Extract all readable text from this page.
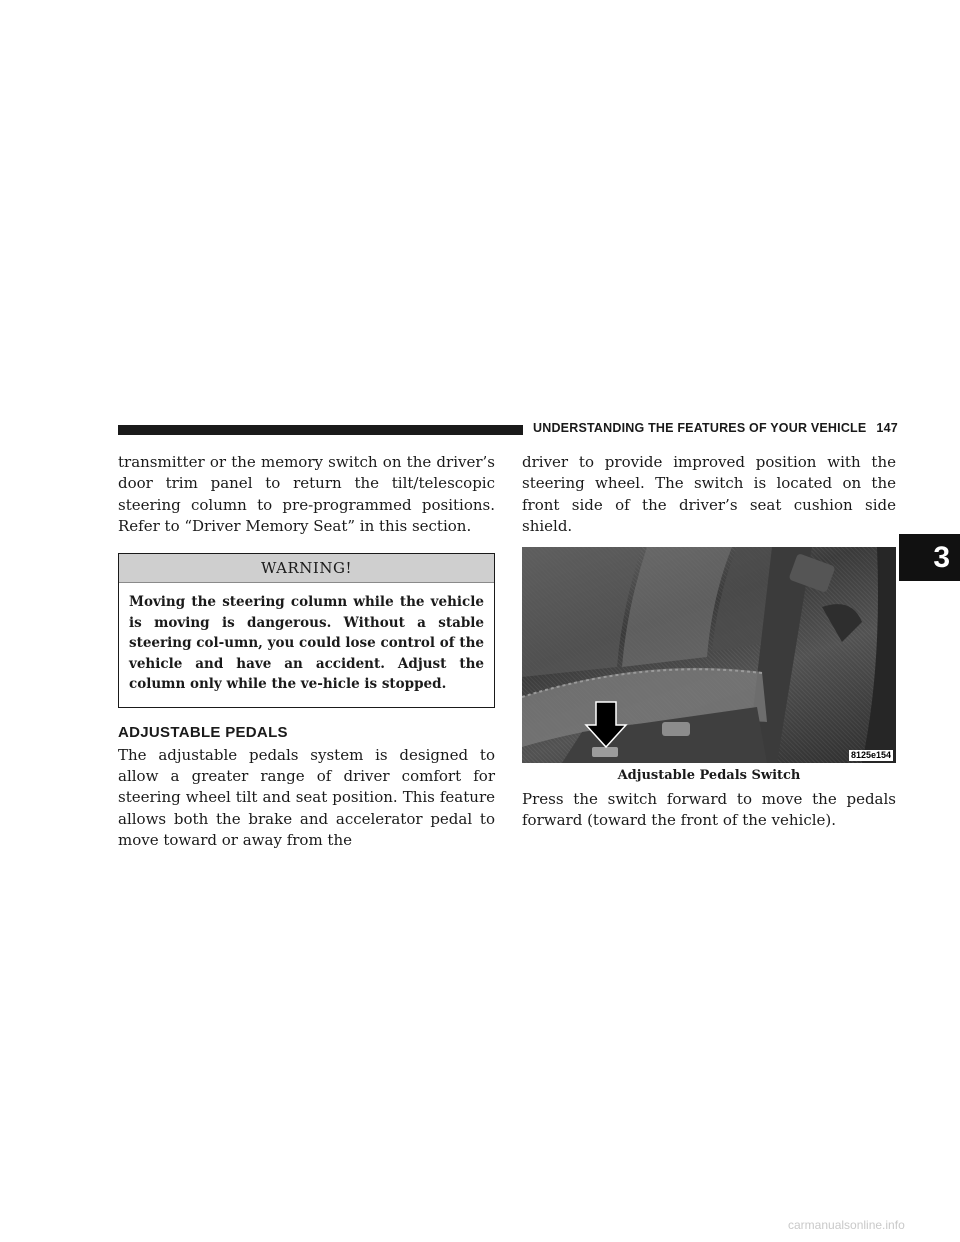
UNDERSTANDING THE FEATURES OF YOUR VEHICLE 147

transmitter or the memory switch on the driver’s door trim panel to return the tilt/telescopic steering column to pre-programmed positions. Refer to “Driver Memory Seat” in this section.

WARNING!
Moving the steering column while the vehicle is moving is dangerous. Without a stable steering col-umn, you could lose control of the vehicle and have an accident. Adjust the column only while the ve-hicle is stopped.
ADJUSTABLE PEDALS

The adjustable pedals system is designed to allow a greater range of driver comfort for steering wheel tilt and seat position. This feature allows both the brake and accelerator pedal to move toward or away from the

driver to provide improved position with the steering wheel. The switch is located on the front side of the driver’s seat cushion side shield.

8125e154
Adjustable Pedals Switch

Press the switch forward to move the pedals forward (toward the front of the vehicle).

3
carmanualsonline.info
